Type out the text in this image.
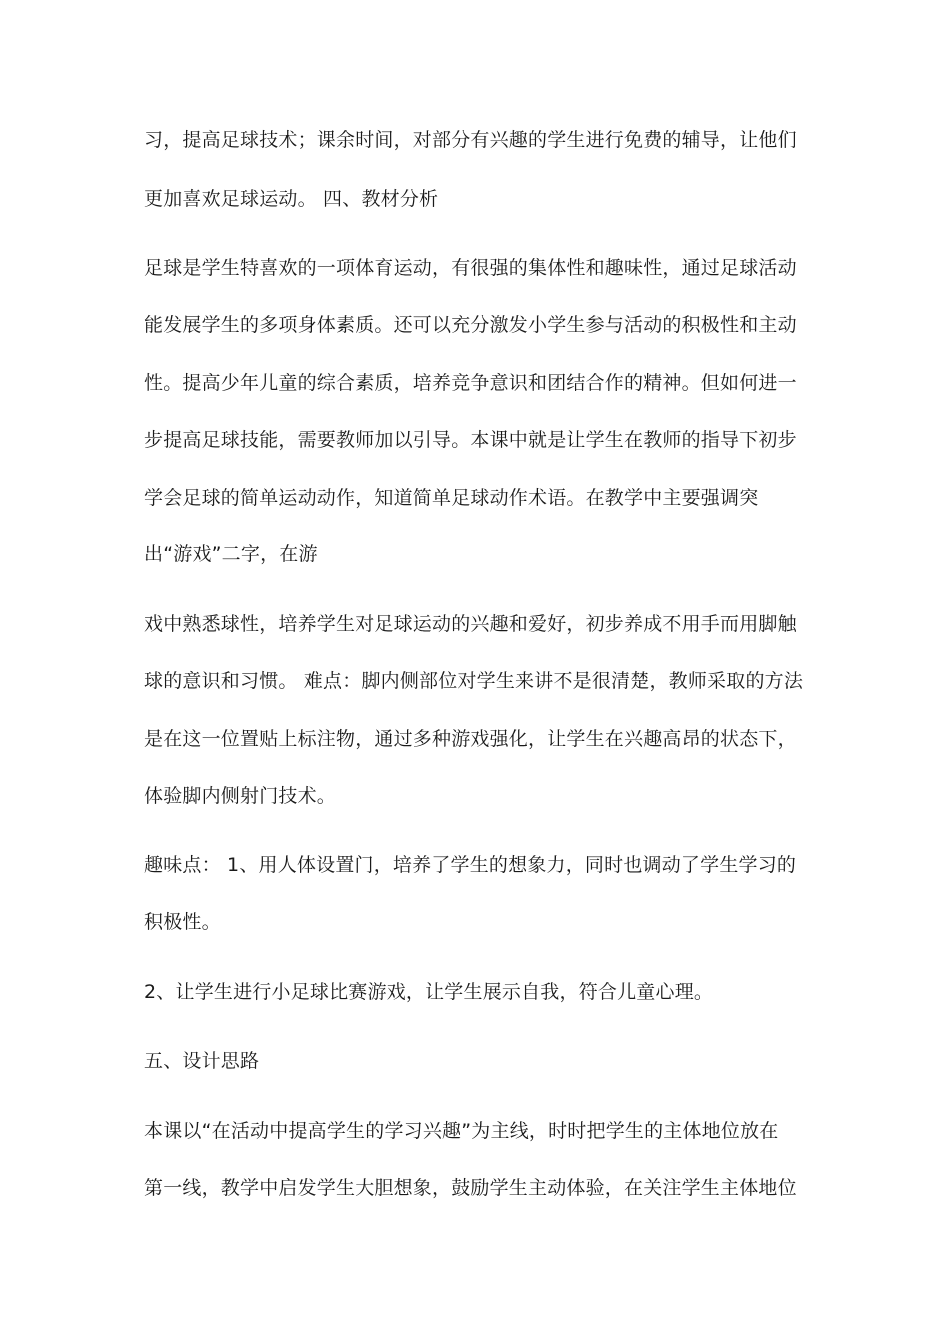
习，提高足球技术；课余时间，对部分有兴趣的学生进行免费的辅导，让他们
更加喜欢足球运动。 四、教材分析
足球是学生特喜欢的一项体育运动，有很强的集体性和趣味性，通过足球活动
能发展学生的多项身体素质。还可以充分激发小学生参与活动的积极性和主动
性。提高少年儿童的综合素质，培养竞争意识和团结合作的精神。但如何进一
步提高足球技能，需要教师加以引导。本课中就是让学生在教师的指导下初步
学会足球的简单运动动作，知道简单足球动作术语。在教学中主要强调突
出“游戏”二字，在游
戏中熟悉球性，培养学生对足球运动的兴趣和爱好，初步养成不用手而用脚触
球的意识和习惯。 难点：脚内侧部位对学生来讲不是很清楚，教师采取的方法
是在这一位置贴上标注物，通过多种游戏强化，让学生在兴趣高昂的状态下，
体验脚内侧射门技术。
趣味点： 1、用人体设置门，培养了学生的想象力，同时也调动了学生学习的
积极性。
2、让学生进行小足球比赛游戏，让学生展示自我，符合儿童心理。
五、设计思路
本课以“在活动中提高学生的学习兴趣”为主线，时时把学生的主体地位放在
第一线，教学中启发学生大胆想象，鼓励学生主动体验，在关注学生主体地位
